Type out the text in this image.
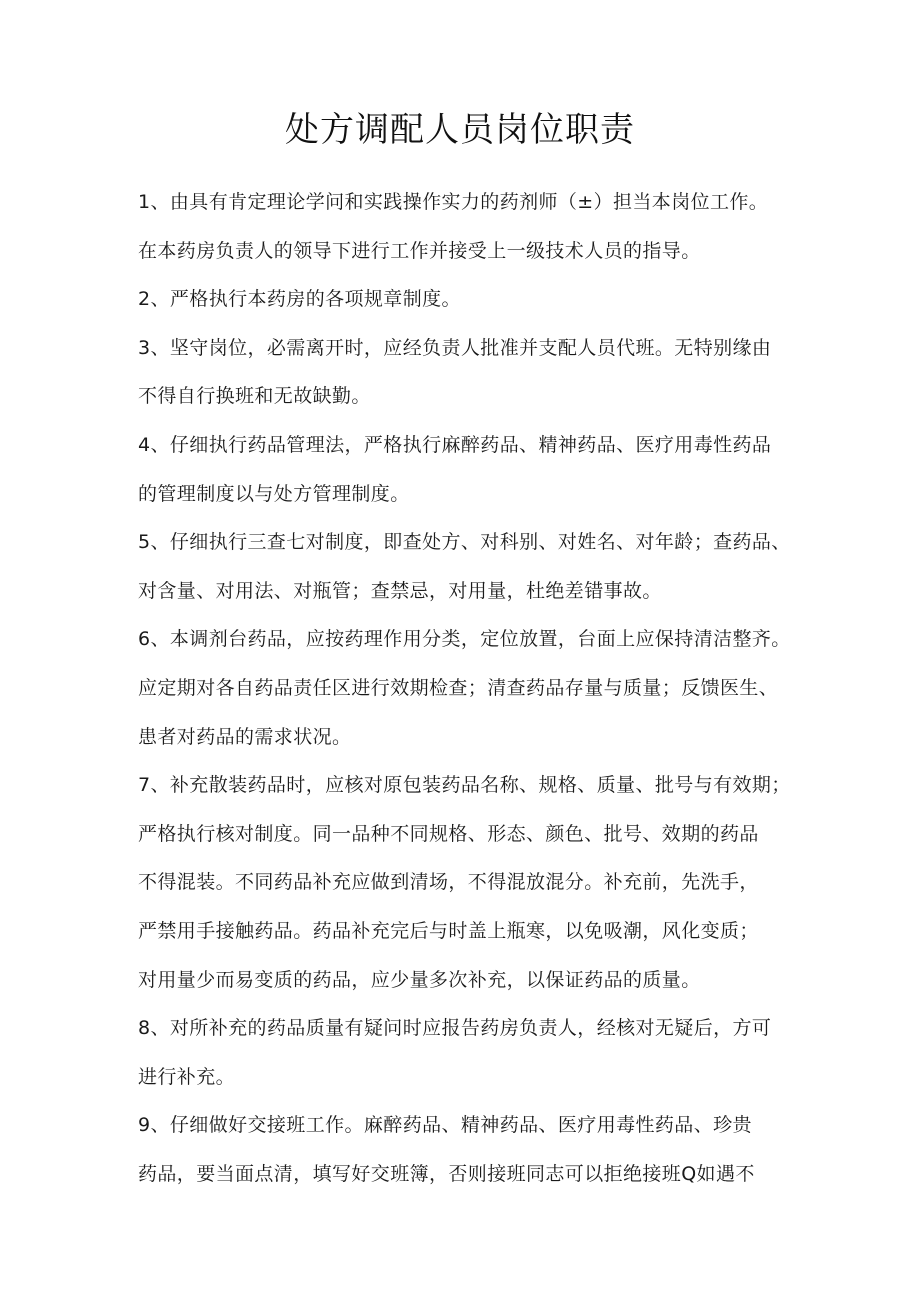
处方调配人员岗位职责
1、由具有肯定理论学问和实践操作实力的药剂师（±）担当本岗位工作。
在本药房负责人的领导下进行工作并接受上一级技术人员的指导。
2、严格执行本药房的各项规章制度。
3、坚守岗位，必需离开时，应经负责人批准并支配人员代班。无特别缘由
不得自行换班和无故缺勤。
4、仔细执行药品管理法，严格执行麻醉药品、精神药品、医疗用毒性药品
的管理制度以与处方管理制度。
5、仔细执行三查七对制度，即查处方、对科别、对姓名、对年龄；查药品、
对含量、对用法、对瓶管；查禁忌，对用量，杜绝差错事故。
6、本调剂台药品，应按药理作用分类，定位放置，台面上应保持清洁整齐。
应定期对各自药品责任区进行效期检查；清查药品存量与质量；反馈医生、
患者对药品的需求状况。
7、补充散装药品时，应核对原包装药品名称、规格、质量、批号与有效期；
严格执行核对制度。同一品种不同规格、形态、颜色、批号、效期的药品
不得混装。不同药品补充应做到清场，不得混放混分。补充前，先洗手，
严禁用手接触药品。药品补充完后与时盖上瓶寒，以免吸潮，风化变质；
对用量少而易变质的药品，应少量多次补充，以保证药品的质量。
8、对所补充的药品质量有疑问时应报告药房负责人，经核对无疑后，方可
进行补充。
9、仔细做好交接班工作。麻醉药品、精神药品、医疗用毒性药品、珍贵
药品，要当面点清，填写好交班簿，否则接班同志可以拒绝接班Q如遇不
